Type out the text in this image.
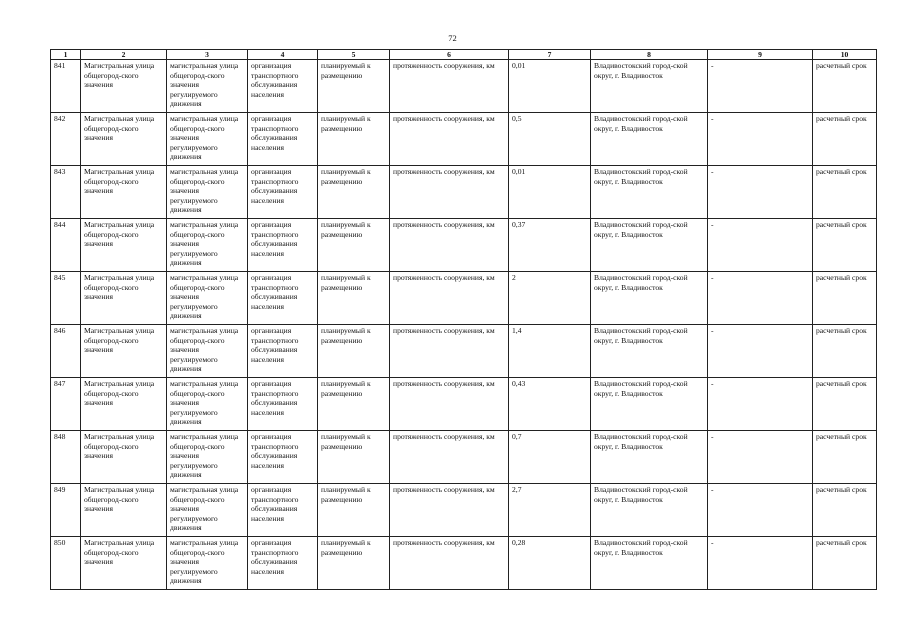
72
1	2	3	4	5	6	7	8	9	10
841	Магистральная улица общегород-ского значения	магистральная улица общегород-ского значения регулируемого движения	организация транспортного обслуживания населения	планируемый к размещению	протяженность сооружения, км	0,01	Владивостокский город-ской округ, г. Владивосток	-	расчетный срок
842	Магистральная улица общегород-ского значения	магистральная улица общегород-ского значения регулируемого движения	организация транспортного обслуживания населения	планируемый к размещению	протяженность сооружения, км	0,5	Владивостокский город-ской округ, г. Владивосток	-	расчетный срок
843	Магистральная улица общегород-ского значения	магистральная улица общегород-ского значения регулируемого движения	организация транспортного обслуживания населения	планируемый к размещению	протяженность сооружения, км	0,01	Владивостокский город-ской округ, г. Владивосток	-	расчетный срок
844	Магистральная улица общегород-ского значения	магистральная улица общегород-ского значения регулируемого движения	организация транспортного обслуживания населения	планируемый к размещению	протяженность сооружения, км	0,37	Владивостокский город-ской округ, г. Владивосток	-	расчетный срок
845	Магистральная улица общегород-ского значения	магистральная улица общегород-ского значения регулируемого движения	организация транспортного обслуживания населения	планируемый к размещению	протяженность сооружения, км	2	Владивостокский город-ской округ, г. Владивосток	-	расчетный срок
846	Магистральная улица общегород-ского значения	магистральная улица общегород-ского значения регулируемого движения	организация транспортного обслуживания населения	планируемый к размещению	протяженность сооружения, км	1,4	Владивостокский город-ской округ, г. Владивосток	-	расчетный срок
847	Магистральная улица общегород-ского значения	магистральная улица общегород-ского значения регулируемого движения	организация транспортного обслуживания населения	планируемый к размещению	протяженность сооружения, км	0,43	Владивостокский город-ской округ, г. Владивосток	-	расчетный срок
848	Магистральная улица общегород-ского значения	магистральная улица общегород-ского значения регулируемого движения	организация транспортного обслуживания населения	планируемый к размещению	протяженность сооружения, км	0,7	Владивостокский город-ской округ, г. Владивосток	-	расчетный срок
849	Магистральная улица общегород-ского значения	магистральная улица общегород-ского значения регулируемого движения	организация транспортного обслуживания населения	планируемый к размещению	протяженность сооружения, км	2,7	Владивостокский город-ской округ, г. Владивосток	-	расчетный срок
850	Магистральная улица общегород-ского значения	магистральная улица общегород-ского значения регулируемого движения	организация транспортного обслуживания населения	планируемый к размещению	протяженность сооружения, км	0,28	Владивостокский город-ской округ, г. Владивосток	-	расчетный срок
